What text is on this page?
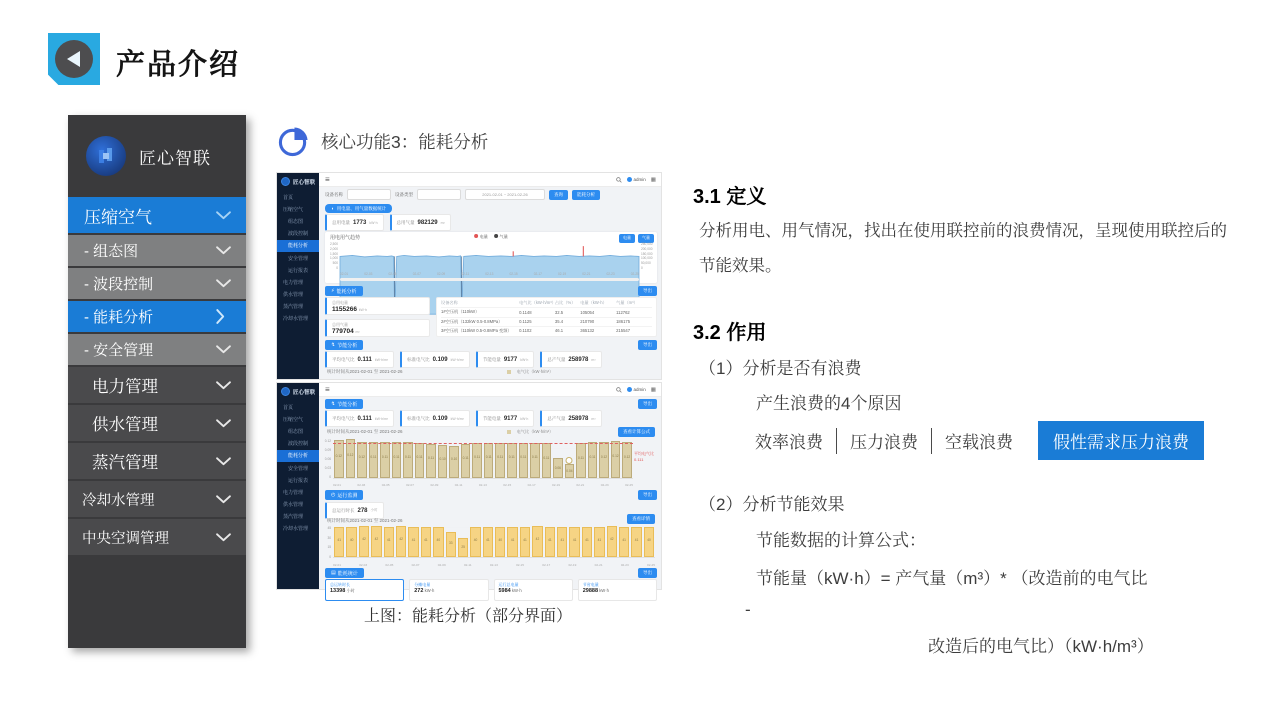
产品介绍
匠心智联
压缩空气
- 组态图
- 波段控制
- 能耗分析
- 安全管理
电力管理
供水管理
蒸汽管理
冷却水管理
中央空调管理
核心功能3：能耗分析
匠心智联
首页
压缩空气
组态图
波段控制
能耗分析
安全管理
运行报表
电力管理
供水管理
蒸汽管理
冷却水管理
≡	admin ▦
设备名称	设备类型	2021-02-01 ~ 2021-02-26	查询	能耗分析
◖ 用电量、用气量数据统计
总用电量 1773 kW·h	总用气量 982129 m³
用电用气趋势	电量	气量	电量	气量
2,500
2,000
1,500
1,000
500
0
250,000
200,000
150,000
100,000
50,000
0
02-01	02-03	02-05	02-07	02-09	02-11	02-13	02-15	02-17	02-19	02-21	02-23	02-25
⚡ 能耗分析	导出
总用电量
1155266 kW·h
总用气量
779704 m³
设备名称	电气比（kW·h/m³） 占比（%）	电量（kW·h）	气量（m³）
1#空压机（110kW）	0.1148	32.5	105054	112762
2#空压机（132kW 0.5-0.8MPa）	0.1125	35.4	210790	186175
3#空压机（110kW 0.5-0.8MPa 变频）	0.1102	46.1	365132	215547
↯ 节能分析	导出
平均电气比 0.111 kW·h/m³	标准电气比 0.109 kW·h/m³	节能电量 9177 kW·h	总产气量 258978 m³
统计时间从2021-02-01 至 2021-02-26	电气比（kW·h/m³）
匠心智联
首页
压缩空气
组态图
波段控制
能耗分析
安全管理
运行报表
电力管理
供水管理
蒸汽管理
冷却水管理
≡	admin ▦
↯ 节能分析	导出
平均电气比 0.111 kW·h/m³	标准电气比 0.109 kW·h/m³	节能电量 9177 kW·h	总产气量 258978 m³
查看计算公式
统计时间从2021-02-01 至 2021-02-26	电气比（kW·h/m³）
0.12
0.09
0.06
0.03
0
0.12 0.12 0.12 0.11 0.11 0.11 0.11 0.11 0.11 0.10 0.10 0.11 0.11 0.11 0.11 0.11 0.11 0.11 0.11
0.06
0.04
0.11 0.11 0.12 0.12 0.12
平均电气比
0.111
02-01	02-03	02-05	02-07	02-09	02-11	02-13	02-15	02-17	02-19	02-21	02-23	02-25
◴ 运行监测	导出
总运行时长 278 小时
查看详情
统计时间从2021-02-01 至 2021-02-26
45
30
15
0
41	40	42	42	41	42	41	41	40
33
25
40	41	40	41	41	42	41	41	41	41	41	42	41	41	40
02-01	02-03	02-05	02-07	02-09	02-11	02-13	02-15	02-17	02-19	02-21	02-23	02-25
▤ 能耗统计	导出
总运转时长
13398 小时
分摊电量
272 kW·h
运行总电量
5984 kW·h
节省电量
29888 kW·h
上图：能耗分析（部分界面）
3.1 定义
分析用电、用气情况，找出在使用联控前的浪费情况，呈现使用联控后的节能效果。
3.2 作用
（1）分析是否有浪费
产生浪费的4个原因
效率浪费	压力浪费	空载浪费	假性需求压力浪费
（2）分析节能效果
节能数据的计算公式：
节能量（kW·h）= 产气量（m³）* （改造前的电气比
-
改造后的电气比）（kW·h/m³）
